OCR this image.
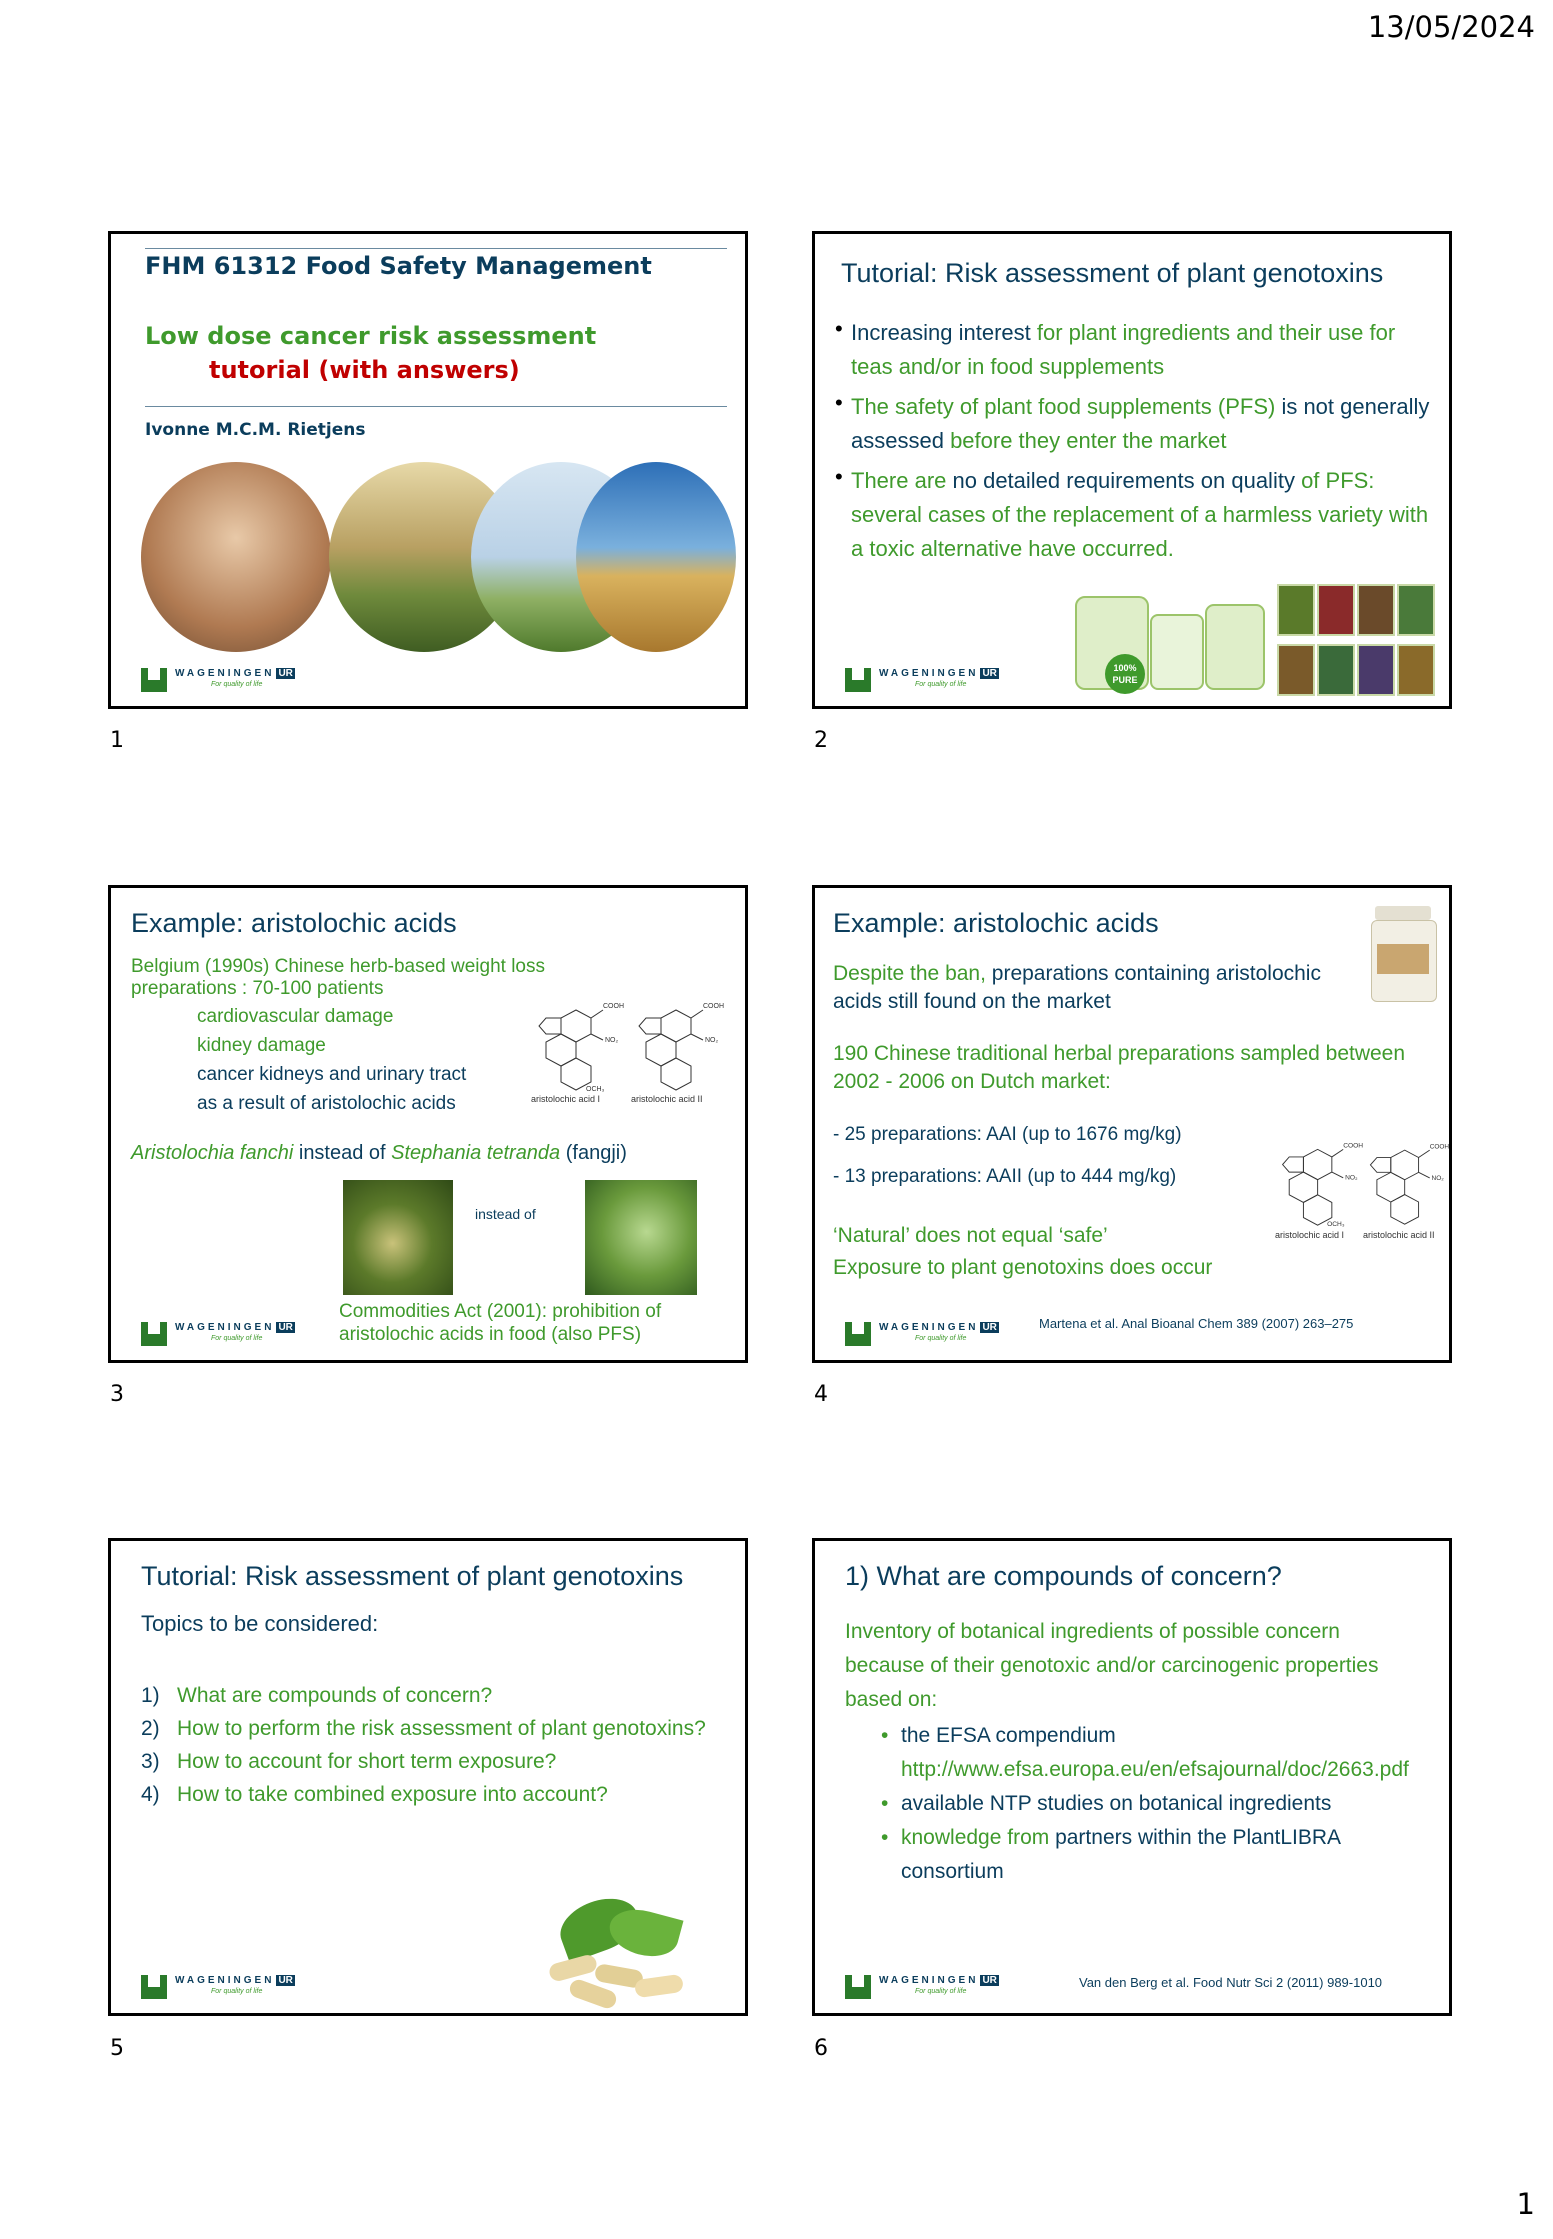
13/05/2024
FHM 61312 Food Safety Management
Low dose cancer risk assessment
tutorial (with answers)
Ivonne M.C.M. Rietjens
WAGENINGEN UR
For quality of life
1
Tutorial: Risk assessment of plant genotoxins
• Increasing interest for plant ingredients and their use for teas and/or in food supplements
• The safety of plant food supplements (PFS) is not generally assessed before they enter the market
• There are no detailed requirements on quality of PFS: several cases of the replacement of a harmless variety with a toxic alternative have occurred.
100% PURE
WAGENINGEN UR
For quality of life
2
Example: aristolochic acids
Belgium (1990s) Chinese herb-based weight loss preparations : 70-100 patients
cardiovascular damage
kidney damage
cancer kidneys and urinary tract
as a result of aristolochic acids
COOH
NO₂
OCH₃
aristolochic acid I
COOH
NO₂
aristolochic acid II
Aristolochia fanchi instead of Stephania tetranda (fangji)
instead of
Commodities Act (2001): prohibition of aristolochic acids in food (also PFS)
WAGENINGEN UR
For quality of life
3
Example: aristolochic acids
Despite the ban, preparations containing aristolochic acids still found on the market
190 Chinese traditional herbal preparations sampled between 2002 - 2006 on Dutch market:
- 25 preparations: AAI (up to 1676 mg/kg)
- 13 preparations: AAII (up to 444 mg/kg)
COOH
NO₂
OCH₃
aristolochic acid I
COOH
NO₂
aristolochic acid II
‘Natural’ does not equal ‘safe’
Exposure to plant genotoxins does occur
Martena et al. Anal Bioanal Chem 389 (2007) 263–275
WAGENINGEN UR
For quality of life
4
Tutorial: Risk assessment of plant genotoxins
Topics to be considered:
1) What are compounds of concern?
2) How to perform the risk assessment of plant genotoxins?
3) How to account for short term exposure?
4) How to take combined exposure into account?
WAGENINGEN UR
For quality of life
5
1) What are compounds of concern?
Inventory of botanical ingredients of possible concern because of their genotoxic and/or carcinogenic properties based on:
• the EFSA compendium
http://www.efsa.europa.eu/en/efsajournal/doc/2663.pdf
• available NTP studies on botanical ingredients
• knowledge from partners within the PlantLIBRA consortium
Van den Berg et al. Food Nutr Sci 2 (2011) 989-1010
WAGENINGEN UR
For quality of life
6
1
